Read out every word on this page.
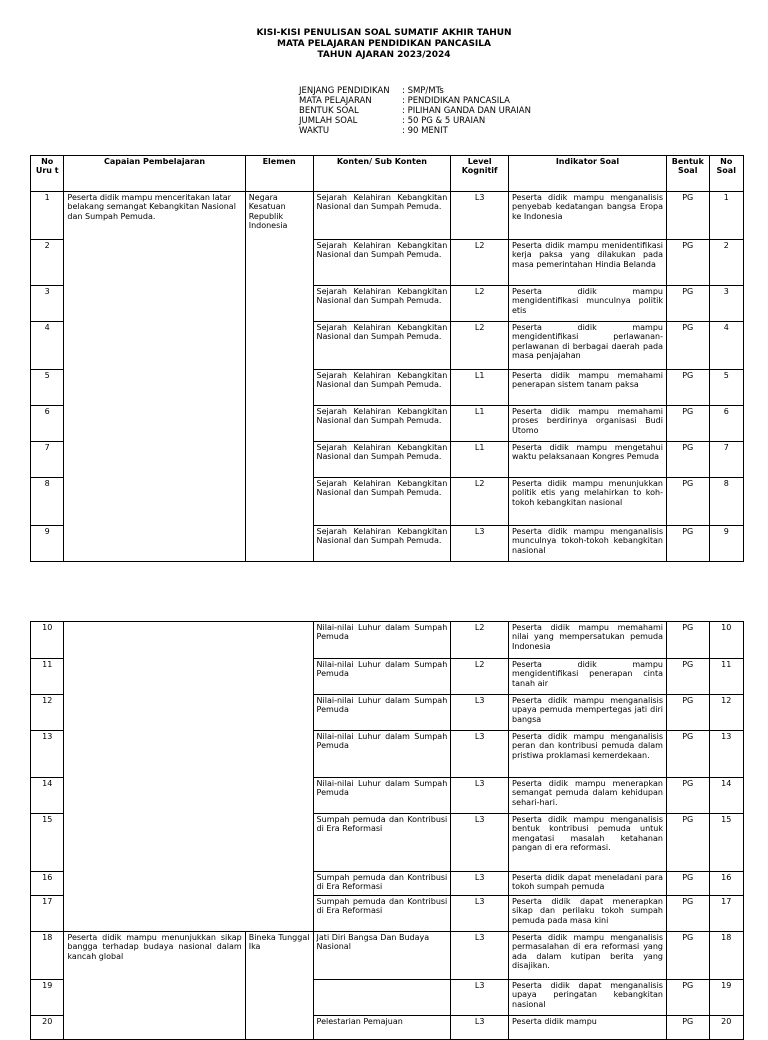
KISI-KISI PENULISAN SOAL SUMATIF AKHIR TAHUN
MATA PELAJARAN PENDIDIKAN PANCASILA
TAHUN AJARAN 2023/2024
JENJANG PENDIDIKAN	: SMP/MTs
MATA PELAJARAN	: PENDIDIKAN PANCASILA
BENTUK SOAL	: PILIHAN GANDA DAN URAIAN
JUMLAH SOAL	: 50 PG & 5 URAIAN
WAKTU	: 90 MENIT
No Uru t	Capaian Pembelajaran	Elemen	Konten/ Sub Konten	Level Kognitif	Indikator Soal	Bentuk Soal	No Soal
1	Peserta didik mampu menceritakan latar belakang semangat Kebangkitan Nasional dan Sumpah Pemuda.	Negara Kesatuan Republik Indonesia	Sejarah Kelahiran Kebangkitan Nasional dan Sumpah Pemuda.	L3	Peserta didik mampu menganalisis penyebab kedatangan bangsa Eropa ke Indonesia	PG	1
2			Sejarah Kelahiran Kebangkitan Nasional dan Sumpah Pemuda.	L2	Peserta didik mampu menidentifikasi kerja paksa yang dilakukan pada masa pemerintahan Hindia Belanda	PG	2
3			Sejarah Kelahiran Kebangkitan Nasional dan Sumpah Pemuda.	L2	Peserta didik mampu mengidentifikasi munculnya politik etis	PG	3
4			Sejarah Kelahiran Kebangkitan Nasional dan Sumpah Pemuda.	L2	Peserta didik mampu mengidentifikasi perlawanan-perlawanan di berbagai daerah pada masa penjajahan	PG	4
5			Sejarah Kelahiran Kebangkitan Nasional dan Sumpah Pemuda.	L1	Peserta didik mampu memahami penerapan sistem tanam paksa	PG	5
6			Sejarah Kelahiran Kebangkitan Nasional dan Sumpah Pemuda.	L1	Peserta didik mampu memahami proses berdirinya organisasi Budi Utomo	PG	6
7			Sejarah Kelahiran Kebangkitan Nasional dan Sumpah Pemuda.	L1	Peserta didik mampu mengetahui waktu pelaksanaan Kongres Pemuda	PG	7
8			Sejarah Kelahiran Kebangkitan Nasional dan Sumpah Pemuda.	L2	Peserta didik mampu menunjukkan politik etis yang melahirkan to koh-tokoh kebangkitan nasional	PG	8
9			Sejarah Kelahiran Kebangkitan Nasional dan Sumpah Pemuda.	L3	Peserta didik mampu menganalisis munculnya tokoh-tokoh kebangkitan nasional	PG	9
10			Nilai-nilai Luhur dalam Sumpah Pemuda	L2	Peserta didik mampu memahami nilai yang mempersatukan pemuda Indonesia	PG	10
11			Nilai-nilai Luhur dalam Sumpah Pemuda	L2	Peserta didik mampu mengidentifikasi penerapan cinta tanah air	PG	11
12			Nilai-nilai Luhur dalam Sumpah Pemuda	L3	Peserta didik mampu menganalisis upaya pemuda mempertegas jati diri bangsa	PG	12
13			Nilai-nilai Luhur dalam Sumpah Pemuda	L3	Peserta didik mampu menganalisis peran dan kontribusi pemuda dalam pristiwa proklamasi kemerdekaan.	PG	13
14			Nilai-nilai Luhur dalam Sumpah Pemuda	L3	Peserta didik mampu menerapkan semangat pemuda dalam kehidupan sehari-hari.	PG	14
15			Sumpah pemuda dan Kontribusi di Era Reformasi	L3	Peserta didik mampu menganalisis bentuk kontribusi pemuda untuk mengatasi masalah ketahanan pangan di era reformasi.	PG	15
16			Sumpah pemuda dan Kontribusi di Era Reformasi	L3	Peserta didik dapat meneladani para tokoh sumpah pemuda	PG	16
17			Sumpah pemuda dan Kontribusi di Era Reformasi	L3	Peserta didik dapat menerapkan sikap dan perilaku tokoh sumpah pemuda pada masa kini	PG	17
18	Peserta didik mampu menunjukkan sikap bangga terhadap budaya nasional dalam kancah global	Bineka Tunggal Ika	Jati Diri Bangsa Dan Budaya Nasional	L3	Peserta didik mampu menganalisis permasalahan di era reformasi yang ada dalam kutipan berita yang disajikan.	PG	18
19				L3	Peserta didik dapat menganalisis upaya peringatan kebangkitan nasional	PG	19
20			Pelestarian Pemajuan	L3	Peserta didik mampu	PG	20
